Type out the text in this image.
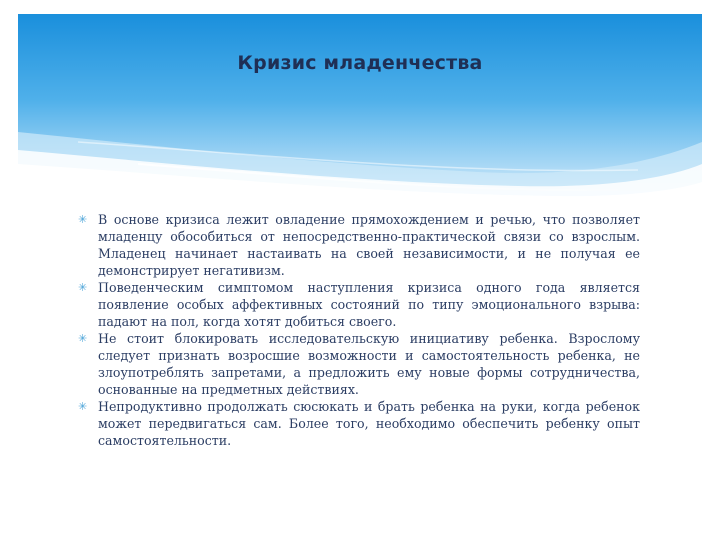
Кризис младенчества
✳ В основе кризиса лежит овладение прямохождением и речью, что позволяет младенцу обособиться от непосредственно-практической связи со взрослым. Младенец начинает настаивать на своей независимости, и не получая ее демонстрирует негативизм.
✳ Поведенческим симптомом наступления кризиса одного года является появление особых аффективных состояний по типу эмоционального взрыва: падают на пол, когда хотят добиться своего.
✳ Не стоит блокировать исследовательскую инициативу ребенка. Взрослому следует признать возросшие возможности и самостоятельность ребенка, не злоупотреблять запретами, а предложить ему новые формы сотрудничества, основанные на предметных действиях.
✳ Непродуктивно продолжать сюсюкать и брать ребенка на руки, когда ребенок может передвигаться сам. Более того, необходимо обеспечить ребенку опыт самостоятельности.
